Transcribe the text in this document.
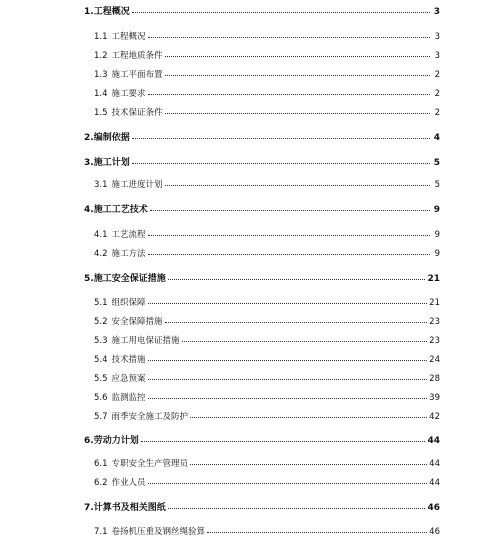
1. 工程概况	3
1.1 工程概况	3
1.2 工程地质条件	3
1.3 施工平面布置	2
1.4 施工要求	2
1.5 技术保证条件	2
2. 编制依据	4
3. 施工计划	5
3.1 施工进度计划	5
4. 施工工艺技术	9
4.1 工艺流程	9
4.2 施工方法	9
5. 施工安全保证措施	21
5.1 组织保障	21
5.2 安全保障措施	23
5.3 施工用电保证措施	23
5.4 技术措施	24
5.5 应急预案	28
5.6 监测监控	39
5.7 雨季安全施工及防护	42
6. 劳动力计划	44
6.1 专职安全生产管理员	44
6.2 作业人员	44
7. 计算书及相关图纸	46
7.1 卷扬机压重及钢丝绳验算	46
